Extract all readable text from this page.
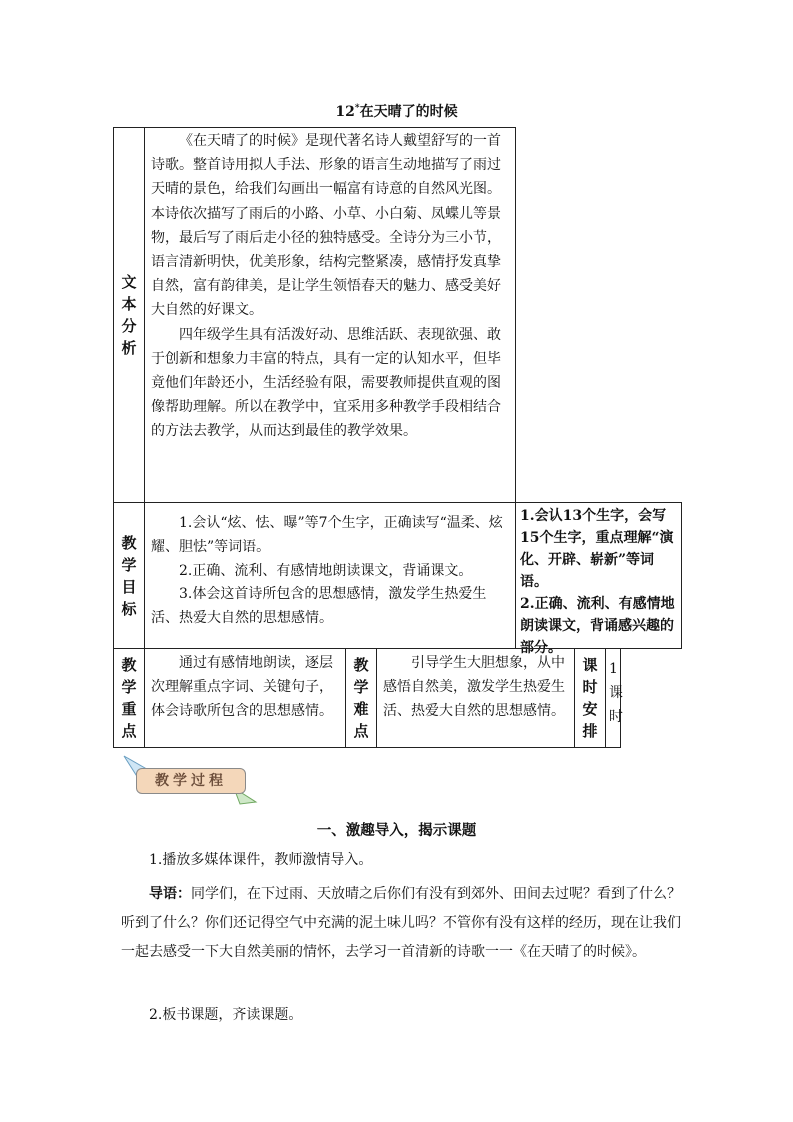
12*在天晴了的时候
文
本
分
析

《在天晴了的时候》是现代著名诗人戴望舒写的一首诗歌。整首诗用拟人手法、形象的语言生动地描写了雨过天晴的景色，给我们勾画出一幅富有诗意的自然风光图。本诗依次描写了雨后的小路、小草、小白菊、凤蝶儿等景物，最后写了雨后走小径的独特感受。全诗分为三小节，语言清新明快，优美形象，结构完整紧凑，感情抒发真挚自然，富有韵律美，是让学生领悟春天的魅力、感受美好大自然的好课文。

四年级学生具有活泼好动、思维活跃、表现欲强、敢于创新和想象力丰富的特点，具有一定的认知水平，但毕竟他们年龄还小，生活经验有限，需要教师提供直观的图像帮助理解。所以在教学中，宜采用多种教学手段相结合的方法去教学，从而达到最佳的教学效果。

教
学
目
标

1.会认“炫、怯、曝”等7个生字，正确读写“温柔、炫耀、胆怯”等词语。

2.正确、流利、有感情地朗读课文，背诵课文。

3.体会这首诗所包含的思想感情，激发学生热爱生活、热爱大自然的思想感情。

1.会认13个生字，会写15个生字，重点理解“演化、开辟、崭新”等词语。

2.正确、流利、有感情地朗读课文，背诵感兴趣的部分。

教
学
重
点

通过有感情地朗读，逐层次理解重点字词、关键句子，体会诗歌所包含的思想感情。

教
学
难
点

引导学生大胆想象，从中感悟自然美，激发学生热爱生活、热爱大自然的思想感情。

课
时
安
排
1
课
时
教学过程
一、激趣导入，揭示课题
1.播放多媒体课件，教师激情导入。
导语：同学们，在下过雨、天放晴之后你们有没有到郊外、田间去过呢？看到了什么？听到了什么？你们还记得空气中充满的泥土味儿吗？不管你有没有这样的经历，现在让我们一起去感受一下大自然美丽的情怀，去学习一首清新的诗歌一一《在天晴了的时候》。
2.板书课题，齐读课题。
